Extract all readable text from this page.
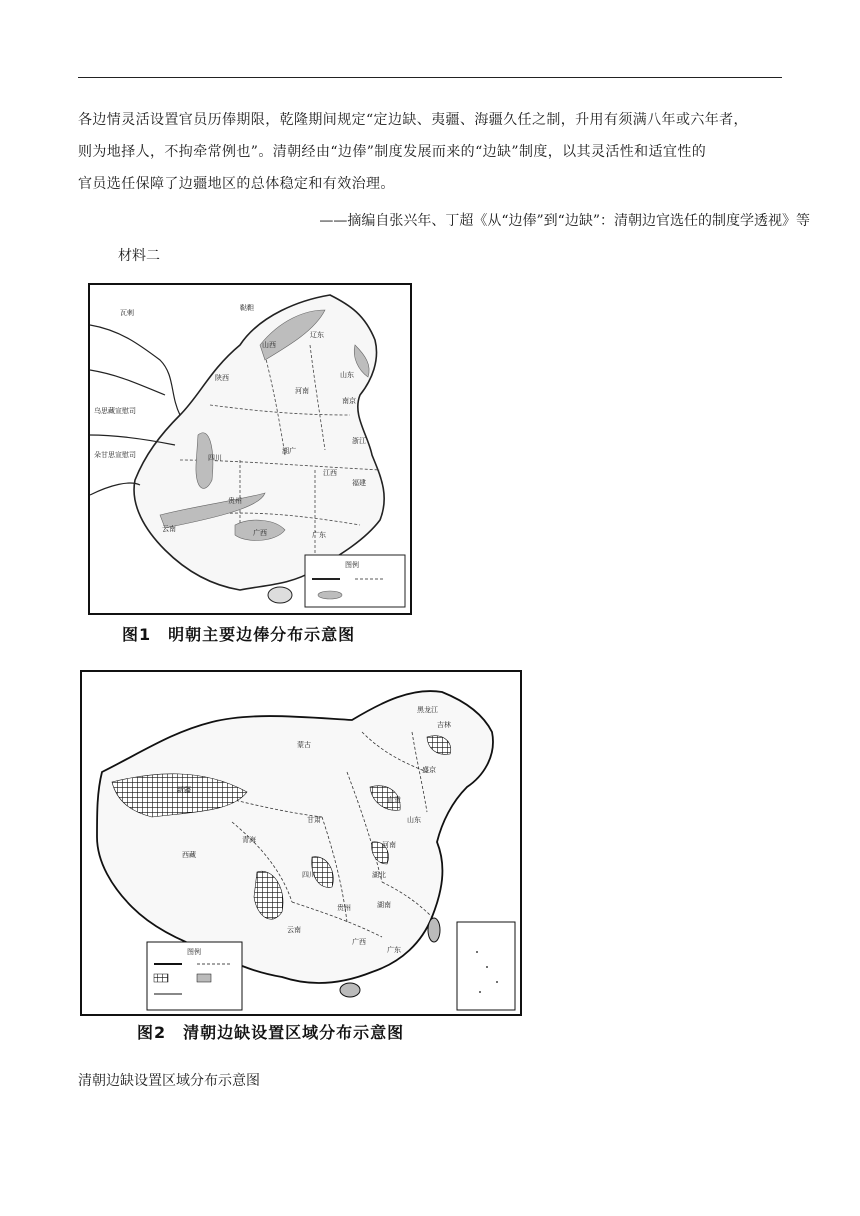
各边情灵活设置官员历俸期限，乾隆期间规定“定边缺、夷疆、海疆久任之制，升用有须满八年或六年者，
则为地择人，不拘牵常例也”。清朝经由“边俸”制度发展而来的“边缺”制度，以其灵活性和适宜性的
官员选任保障了边疆地区的总体稳定和有效治理。
——摘编自张兴年、丁超《从“边俸”到“边缺”：清朝边官选任的制度学透视》等
材料二
鞑靼
瓦剌
辽东
山西
山东
陕西
河南
南京
四川
湖广
浙江
江西
福建
贵州
云南	广西	广东
乌思藏宣慰司
朵甘思宣慰司
图例
图1　明朝主要边俸分布示意图
吉林
黑龙江
蒙古
新疆
甘肃
四川
云南
贵州
广西
广东
湖南
湖北
河南
山东
直隶
盛京
西藏
青海
图例
图2　清朝边缺设置区域分布示意图
清朝边缺设置区域分布示意图
